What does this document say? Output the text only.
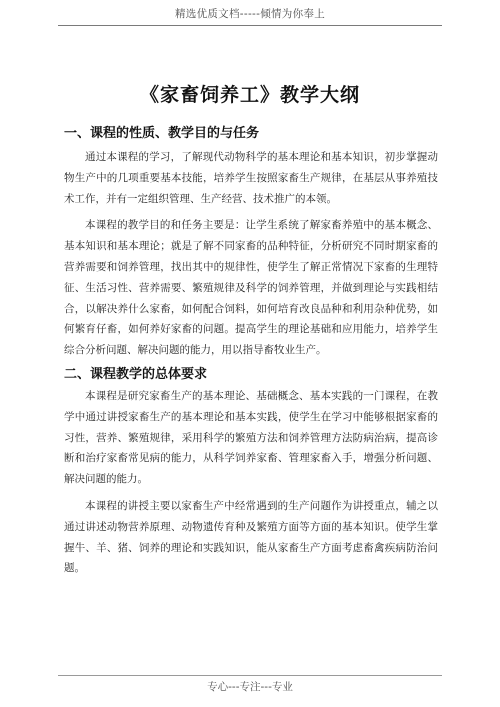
精选优质文档-----倾情为你奉上
《家畜饲养工》教学大纲
一、课程的性质、教学目的与任务

通过本课程的学习，了解现代动物科学的基本理论和基本知识，初步掌握动物生产中的几项重要基本技能，培养学生按照家畜生产规律，在基层从事养殖技术工作，并有一定组织管理、生产经营、技术推广的本领。

本课程的教学目的和任务主要是：让学生系统了解家畜养殖中的基本概念、基本知识和基本理论；就是了解不同家畜的品种特征，分析研究不同时期家畜的营养需要和饲养管理，找出其中的规律性，使学生了解正常情况下家畜的生理特征、生活习性、营养需要、繁殖规律及科学的饲养管理，并做到理论与实践相结合，以解决养什么家畜，如何配合饲料，如何培育改良品种和利用杂种优势，如何繁育仔畜，如何养好家畜的问题。提高学生的理论基础和应用能力，培养学生综合分析问题、解决问题的能力，用以指导畜牧业生产。

二、课程教学的总体要求

本课程是研究家畜生产的基本理论、基础概念、基本实践的一门课程，在教学中通过讲授家畜生产的基本理论和基本实践，使学生在学习中能够根据家畜的习性，营养、繁殖规律，采用科学的繁殖方法和饲养管理方法防病治病，提高诊断和治疗家畜常见病的能力，从科学饲养家畜、管理家畜入手，增强分析问题、解决问题的能力。

本课程的讲授主要以家畜生产中经常遇到的生产问题作为讲授重点，辅之以通过讲述动物营养原理、动物遗传育种及繁殖方面等方面的基本知识。使学生掌握牛、羊、猪、饲养的理论和实践知识，能从家畜生产方面考虑畜禽疾病防治问题。

专心---专注---专业
